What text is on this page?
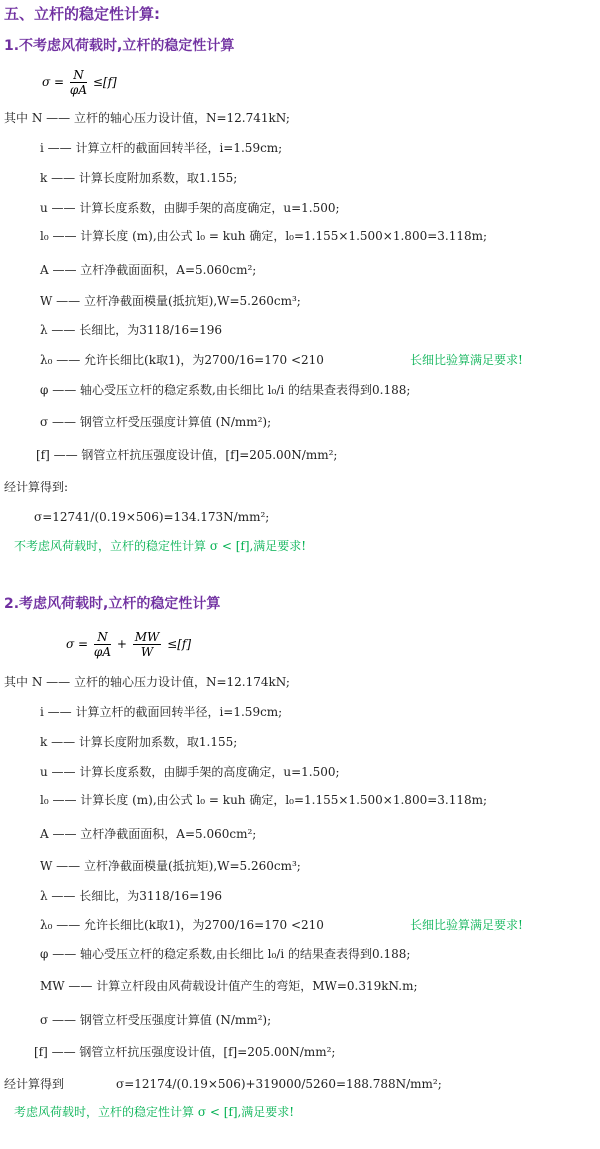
五、立杆的稳定性计算:
1.不考虑风荷载时,立杆的稳定性计算
$\sigma = \frac{N}{\varphi A} \le[f]$
其中 N —— 立杆的轴心压力设计值，N=12.741kN;
i —— 计算立杆的截面回转半径，i=1.59cm;
k —— 计算长度附加系数，取1.155;
u —— 计算长度系数，由脚手架的高度确定，u=1.500;
l₀ —— 计算长度 (m),由公式 l₀ = kuh 确定，l₀=1.155×1.500×1.800=3.118m;
A —— 立杆净截面面积，A=5.060cm²;
W —— 立杆净截面模量(抵抗矩),W=5.260cm³;
λ —— 长细比，为3118/16=196
λ₀ —— 允许长细比(k取1)，为2700/16=170 <210	长细比验算满足要求!
φ —— 轴心受压立杆的稳定系数,由长细比 l₀/i 的结果查表得到0.188;
σ —— 钢管立杆受压强度计算值 (N/mm²);
[f] —— 钢管立杆抗压强度设计值，[f]=205.00N/mm²;
经计算得到:
σ=12741/(0.19×506)=134.173N/mm²;
不考虑风荷载时，立杆的稳定性计算 σ < [f],满足要求!
2.考虑风荷载时,立杆的稳定性计算
$\sigma = \frac{N}{\varphi A} + \frac{MW}{W} \le[f]$
其中 N —— 立杆的轴心压力设计值，N=12.174kN;
i —— 计算立杆的截面回转半径，i=1.59cm;
k —— 计算长度附加系数，取1.155;
u —— 计算长度系数，由脚手架的高度确定，u=1.500;
l₀ —— 计算长度 (m),由公式 l₀ = kuh 确定，l₀=1.155×1.500×1.800=3.118m;
A —— 立杆净截面面积，A=5.060cm²;
W —— 立杆净截面模量(抵抗矩),W=5.260cm³;
λ —— 长细比，为3118/16=196
λ₀ —— 允许长细比(k取1)，为2700/16=170 <210	长细比验算满足要求!
φ —— 轴心受压立杆的稳定系数,由长细比 l₀/i 的结果查表得到0.188;
MW —— 计算立杆段由风荷载设计值产生的弯矩，MW=0.319kN.m;
σ —— 钢管立杆受压强度计算值 (N/mm²);
[f] —— 钢管立杆抗压强度设计值，[f]=205.00N/mm²;
经计算得到	σ=12174/(0.19×506)+319000/5260=188.788N/mm²;
考虑风荷载时，立杆的稳定性计算 σ < [f],满足要求!
